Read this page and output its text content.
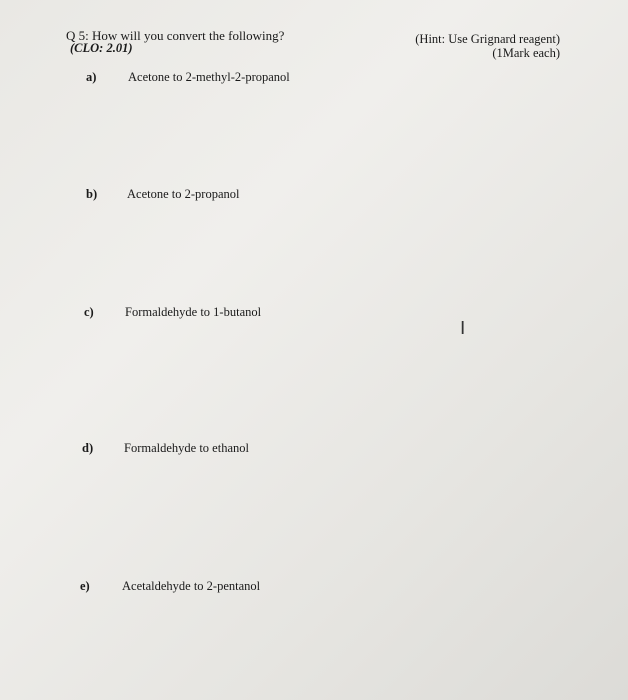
Q 5: How will you convert the following?
(CLO: 2.01)
(Hint: Use Grignard reagent)
(1Mark each)
a)	Acetone to 2-methyl-2-propanol
b) Acetone to 2-propanol
c)	Formaldehyde to 1-butanol
d) Formaldehyde to ethanol
e)	Acetaldehyde to 2-pentanol
I
